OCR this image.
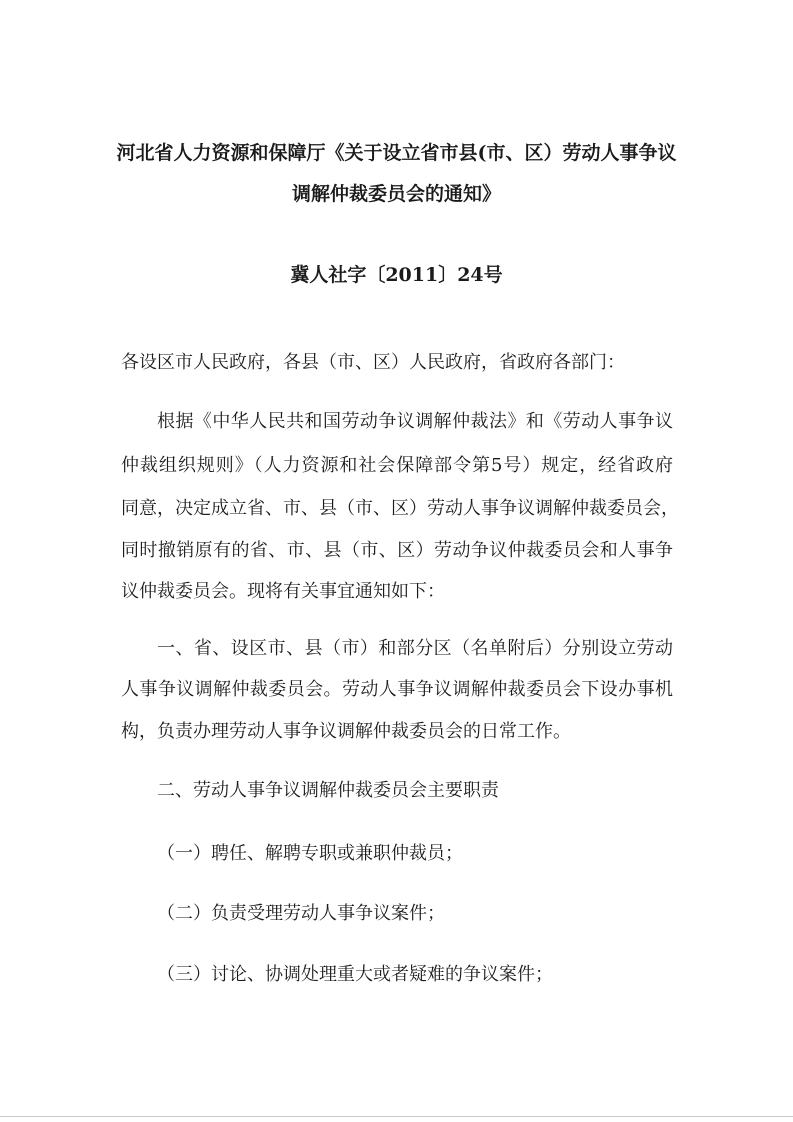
河北省人力资源和保障厅《关于设立省市县(市、区）劳动人事争议
调解仲裁委员会的通知》
冀人社字〔2011〕24号
各设区市人民政府，各县（市、区）人民政府，省政府各部门：
根据《中华人民共和国劳动争议调解仲裁法》和《劳动人事争议
仲裁组织规则》（人力资源和社会保障部令第5号）规定，经省政府
同意，决定成立省、市、县（市、区）劳动人事争议调解仲裁委员会，
同时撤销原有的省、市、县（市、区）劳动争议仲裁委员会和人事争
议仲裁委员会。现将有关事宜通知如下：
一、省、设区市、县（市）和部分区（名单附后）分别设立劳动
人事争议调解仲裁委员会。劳动人事争议调解仲裁委员会下设办事机
构，负责办理劳动人事争议调解仲裁委员会的日常工作。
二、劳动人事争议调解仲裁委员会主要职责
（一）聘任、解聘专职或兼职仲裁员；
（二）负责受理劳动人事争议案件；
（三）讨论、协调处理重大或者疑难的争议案件；
